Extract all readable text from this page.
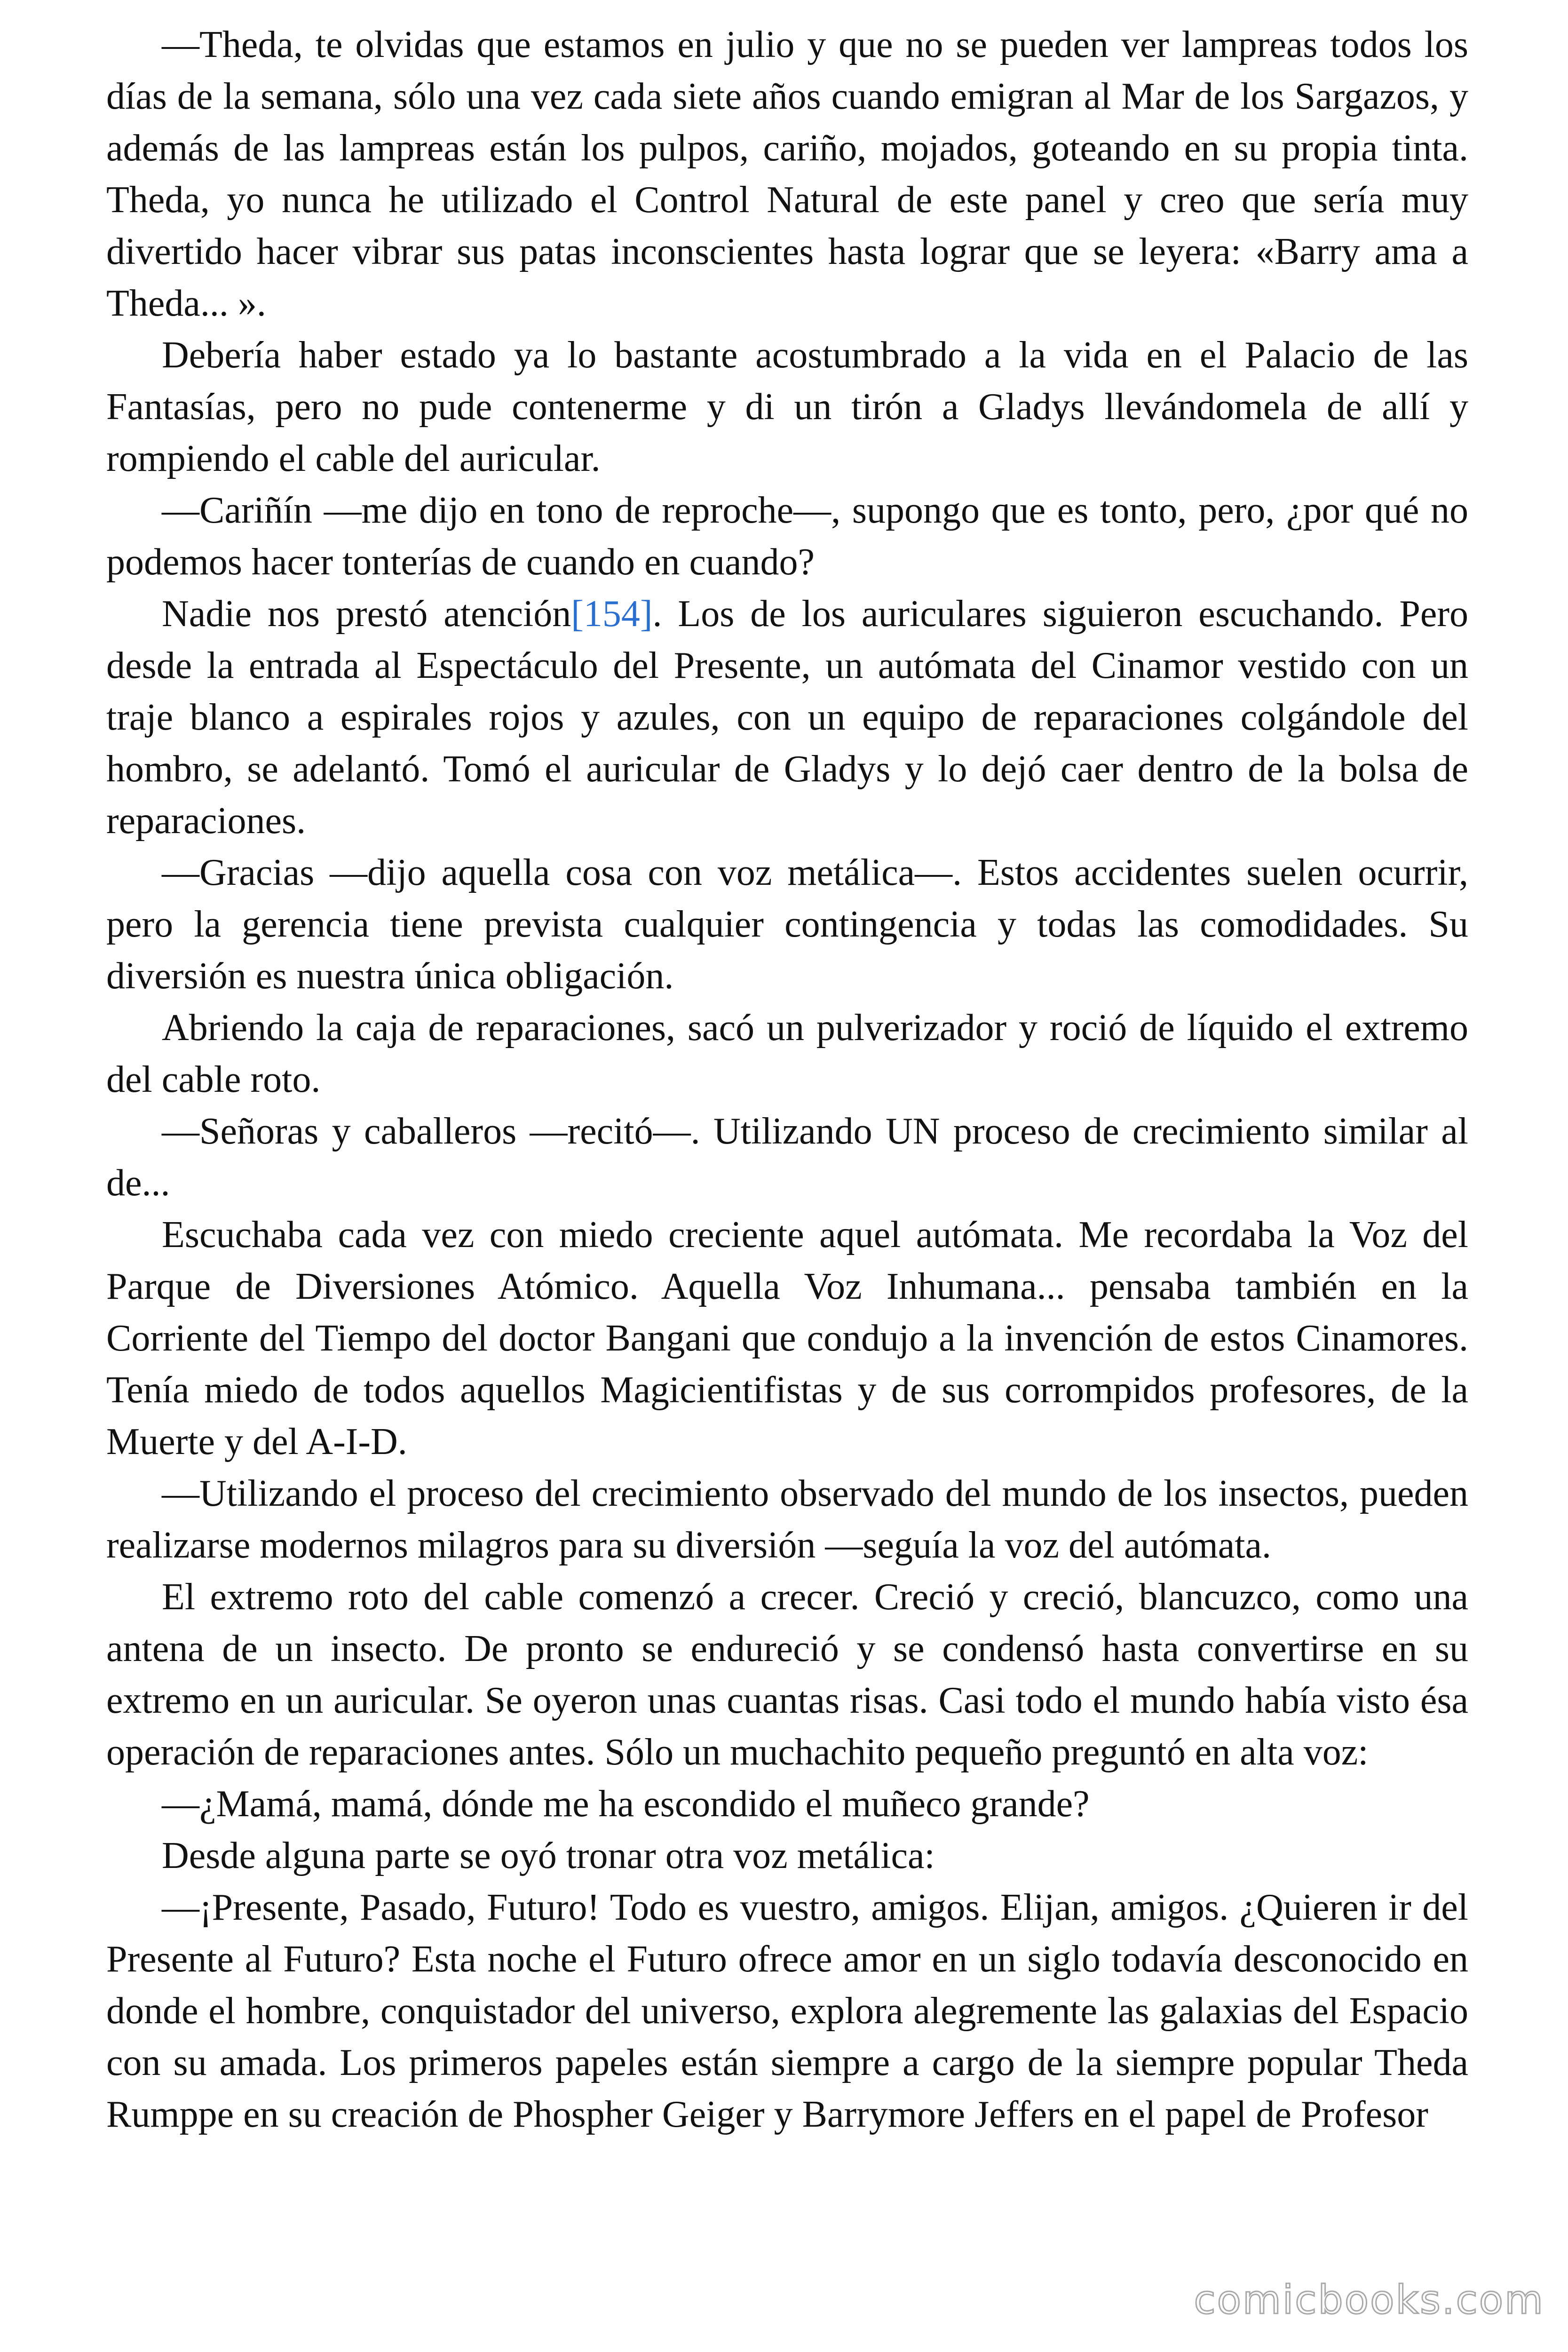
—Theda, te olvidas que estamos en julio y que no se pueden ver lampreas todos los días de la semana, sólo una vez cada siete años cuando emigran al Mar de los Sargazos, y además de las lampreas están los pulpos, cariño, mojados, goteando en su propia tinta. Theda, yo nunca he utilizado el Control Natural de este panel y creo que sería muy divertido hacer vibrar sus patas inconscientes hasta lograr que se leyera: «Barry ama a Theda... ».

Debería haber estado ya lo bastante acostumbrado a la vida en el Palacio de las Fantasías, pero no pude contenerme y di un tirón a Gladys llevándomela de allí y rompiendo el cable del auricular.

—Cariñín —me dijo en tono de reproche—, supongo que es tonto, pero, ¿por qué no podemos hacer tonterías de cuando en cuando?

Nadie nos prestó atención[154]. Los de los auriculares siguieron escuchando. Pero desde la entrada al Espectáculo del Presente, un autómata del Cinamor vestido con un traje blanco a espirales rojos y azules, con un equipo de reparaciones colgándole del hombro, se adelantó. Tomó el auricular de Gladys y lo dejó caer dentro de la bolsa de reparaciones.

—Gracias —dijo aquella cosa con voz metálica—. Estos accidentes suelen ocurrir, pero la gerencia tiene prevista cualquier contingencia y todas las comodidades. Su diversión es nuestra única obligación.

Abriendo la caja de reparaciones, sacó un pulverizador y roció de líquido el extremo del cable roto.

—Señoras y caballeros —recitó—. Utilizando UN proceso de crecimiento similar al de...

Escuchaba cada vez con miedo creciente aquel autómata. Me recordaba la Voz del Parque de Diversiones Atómico. Aquella Voz Inhumana... pensaba también en la Corriente del Tiempo del doctor Bangani que condujo a la invención de estos Cinamores. Tenía miedo de todos aquellos Magicientifistas y de sus corrompidos profesores, de la Muerte y del A-I-D.

—Utilizando el proceso del crecimiento observado del mundo de los insectos, pueden realizarse modernos milagros para su diversión —seguía la voz del autómata.

El extremo roto del cable comenzó a crecer. Creció y creció, blancuzco, como una antena de un insecto. De pronto se endureció y se condensó hasta convertirse en su extremo en un auricular. Se oyeron unas cuantas risas. Casi todo el mundo había visto ésa operación de reparaciones antes. Sólo un muchachito pequeño preguntó en alta voz:

—¿Mamá, mamá, dónde me ha escondido el muñeco grande?

Desde alguna parte se oyó tronar otra voz metálica:

—¡Presente, Pasado, Futuro! Todo es vuestro, amigos. Elijan, amigos. ¿Quieren ir del Presente al Futuro? Esta noche el Futuro ofrece amor en un siglo todavía desconocido en donde el hombre, conquistador del universo, explora alegremente las galaxias del Espacio con su amada. Los primeros papeles están siempre a cargo de la siempre popular Theda Rumppe en su creación de Phospher Geiger y Barrymore Jeffers en el papel de Profesor

comicbooks.com
